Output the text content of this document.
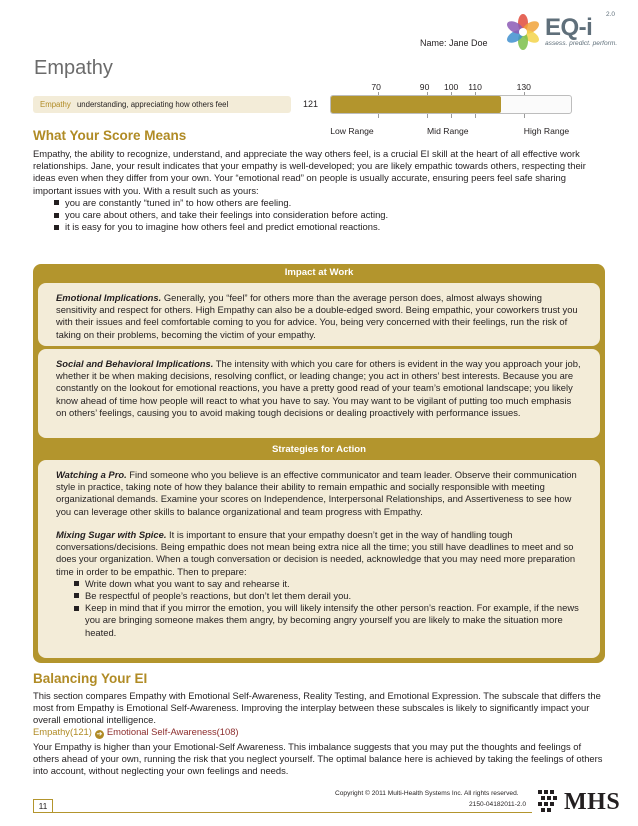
Name: Jane Doe
EQ-i 2.0
assess. predict. perform.
Empathy
70	90 100 110	130
Empathy understanding, appreciating how others feel	121
Low Range	Mid Range	High Range
What Your Score Means

Empathy, the ability to recognize, understand, and appreciate the way others feel, is a crucial EI skill at the heart of all effective work relationships. Jane, your result indicates that your empathy is well-developed; you are likely empathic towards others, respecting their ideas even when they differ from your own. Your “emotional read” on people is usually accurate, ensuring peers feel safe sharing important issues with you. With a result such as yours:

you are constantly “tuned in” to how others are feeling.
you care about others, and take their feelings into consideration before acting.
it is easy for you to imagine how others feel and predict emotional reactions.
Impact at Work

Emotional Implications. Generally, you “feel” for others more than the average person does, almost always showing sensitivity and respect for others. High Empathy can also be a double-edged sword. Being empathic, your coworkers trust you with their issues and feel comfortable coming to you for advice. You, being very concerned with their feelings, run the risk of taking on their problems, becoming the victim of your empathy.

Social and Behavioral Implications. The intensity with which you care for others is evident in the way you approach your job, whether it be when making decisions, resolving conflict, or leading change; you act in others’ best interests. Because you are constantly on the lookout for emotional reactions, you have a pretty good read of your team’s emotional landscape; you likely know ahead of time how people will react to what you have to say. You may want to be vigilant of putting too much emphasis on others’ feelings, causing you to avoid making tough decisions or dealing proactively with performance issues.

Strategies for Action

Watching a Pro. Find someone who you believe is an effective communicator and team leader. Observe their communication style in practice, taking note of how they balance their ability to remain empathic and socially responsible with meeting organizational demands. Examine your scores on Independence, Interpersonal Relationships, and Assertiveness to see how you can leverage other skills to balance organizational and team progress with Empathy.

Mixing Sugar with Spice. It is important to ensure that your empathy doesn’t get in the way of handling tough conversations/decisions. Being empathic does not mean being extra nice all the time; you still have deadlines to meet and so does your organization. When a tough conversation or decision is needed, acknowledge that you may need more preparation time in order to be empathic. Then to prepare:

Write down what you want to say and rehearse it.
Be respectful of people’s reactions, but don’t let them derail you.
Keep in mind that if you mirror the emotion, you will likely intensify the other person’s reaction. For example, if the news you are bringing someone makes them angry, by becoming angry yourself you are likely to make the situation more heated.
Balancing Your EI

This section compares Empathy with Emotional Self-Awareness, Reality Testing, and Emotional Expression. The subscale that differs the most from Empathy is Emotional Self-Awareness. Improving the interplay between these subscales is likely to significantly impact your overall emotional intelligence.

Empathy(121) ➔ Emotional Self-Awareness(108)

Your Empathy is higher than your Emotional-Self Awareness. This imbalance suggests that you may put the thoughts and feelings of others ahead of your own, running the risk that you neglect yourself. The optimal balance here is achieved by taking the feelings of others into account, without neglecting your own feelings and needs.

Copyright © 2011 Multi-Health Systems Inc. All rights reserved.
2150-04182011-2.0
11	MHS
